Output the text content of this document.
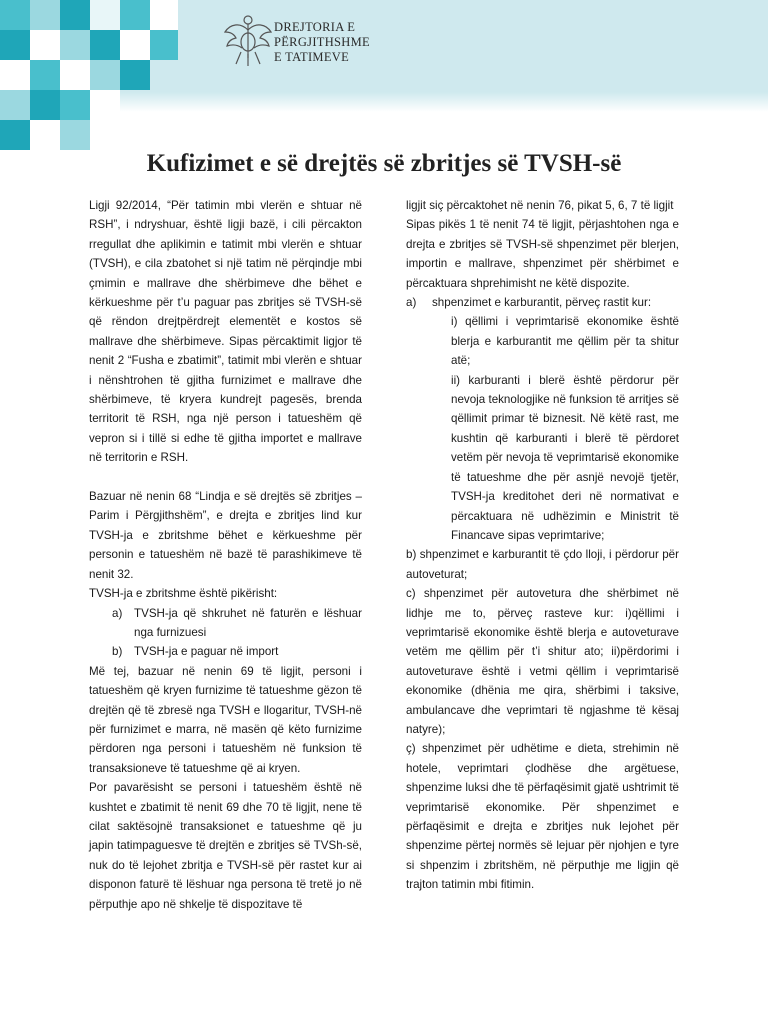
DREJTORIA E
PËRGJITHSHME
E TATIMEVE
Kufizimet e së drejtës së zbritjes së TVSH-së

Ligji 92/2014, “Për tatimin mbi vlerën e shtuar në RSH”, i ndryshuar, është ligji bazë, i cili përcakton rregullat dhe aplikimin e tatimit mbi vlerën e shtuar (TVSH), e cila zbatohet si një tatim në përqindje mbi çmimin e mallrave dhe shërbimeve dhe bëhet e kërkueshme për t’u paguar pas zbritjes së TVSH-së që rëndon drejtpërdrejt elementët e kostos së mallrave dhe shërbimeve. Sipas përcaktimit ligjor të nenit 2 “Fusha e zbatimit”, tatimit mbi vlerën e shtuar i nënshtrohen të gjitha furnizimet e mallrave dhe shërbimeve, të kryera kundrejt pagesës, brenda territorit të RSH, nga një person i tatueshëm që vepron si i tillë si edhe të gjitha importet e mallrave në territorin e RSH.

Bazuar në nenin 68 “Lindja e së drejtës së zbritjes – Parim i Përgjithshëm”, e drejta e zbritjes lind kur TVSH-ja e zbritshme bëhet e kërkueshme për personin e tatueshëm në bazë të parashikimeve të nenit 32.

TVSH-ja e zbritshme është pikërisht:

a)	TVSH-ja që shkruhet në faturën e lëshuar nga furnizuesi
b)	TVSH-ja e paguar në import

Më tej, bazuar në nenin 69 të ligjit, personi i tatueshëm që kryen furnizime të tatueshme gëzon të drejtën që të zbresë nga TVSH e llogaritur, TVSH-në për furnizimet e marra, në masën që këto furnizime përdoren nga personi i tatueshëm në funksion të transaksioneve të tatueshme që ai kryen.

Por pavarësisht se personi i tatueshëm është në kushtet e zbatimit të nenit 69 dhe 70 të ligjit, nene të cilat saktësojnë transaksionet e tatueshme që ju japin tatimpaguesve të drejtën e zbritjes së TVSh-së, nuk do të lejohet zbritja e TVSH-së për rastet kur ai disponon faturë të lëshuar nga persona të tretë jo në përputhje apo në shkelje të dispozitave të

ligjit siç përcaktohet në nenin 76, pikat 5, 6, 7 të ligjit

Sipas pikës 1 të nenit 74 të ligjit, përjashtohen nga e drejta e zbritjes së TVSH-së shpenzimet për blerjen, importin e mallrave, shpenzimet për shërbimet e përcaktuara shprehimisht ne këtë dispozite.

a)	shpenzimet e karburantit, përveç rastit kur:

i) qëllimi i veprimtarisë ekonomike është blerja e karburantit me qëllim për ta shitur atë;

ii) karburanti i blerë është përdorur për nevoja teknologjike në funksion të arritjes së qëllimit primar të biznesit. Në këtë rast, me kushtin që karburanti i blerë të përdoret vetëm për nevoja të veprimtarisë ekonomike të tatueshme dhe për asnjë nevojë tjetër, TVSH-ja kreditohet deri në normativat e përcaktuara në udhëzimin e Ministrit të Financave sipas veprimtarive;

b) shpenzimet e karburantit të çdo lloji, i përdorur për autoveturat;

c) shpenzimet për autovetura dhe shërbimet në lidhje me to, përveç rasteve kur: i)qëllimi i veprimtarisë ekonomike është blerja e autoveturave vetëm me qëllim për t’i shitur ato; ii)përdorimi i autoveturave është i vetmi qëllim i veprimtarisë ekonomike (dhënia me qira, shërbimi i taksive, ambulancave dhe veprimtari të ngjashme të kësaj natyre);

ç) shpenzimet për udhëtime e dieta, strehimin në hotele, veprimtari çlodhëse dhe argëtuese, shpenzime luksi dhe të përfaqësimit gjatë ushtrimit të veprimtarisë ekonomike. Për shpenzimet e përfaqësimit e drejta e zbritjes nuk lejohet për shpenzime përtej normës së lejuar për njohjen e tyre si shpenzim i zbritshëm, në përputhje me ligjin që trajton tatimin mbi fitimin.
